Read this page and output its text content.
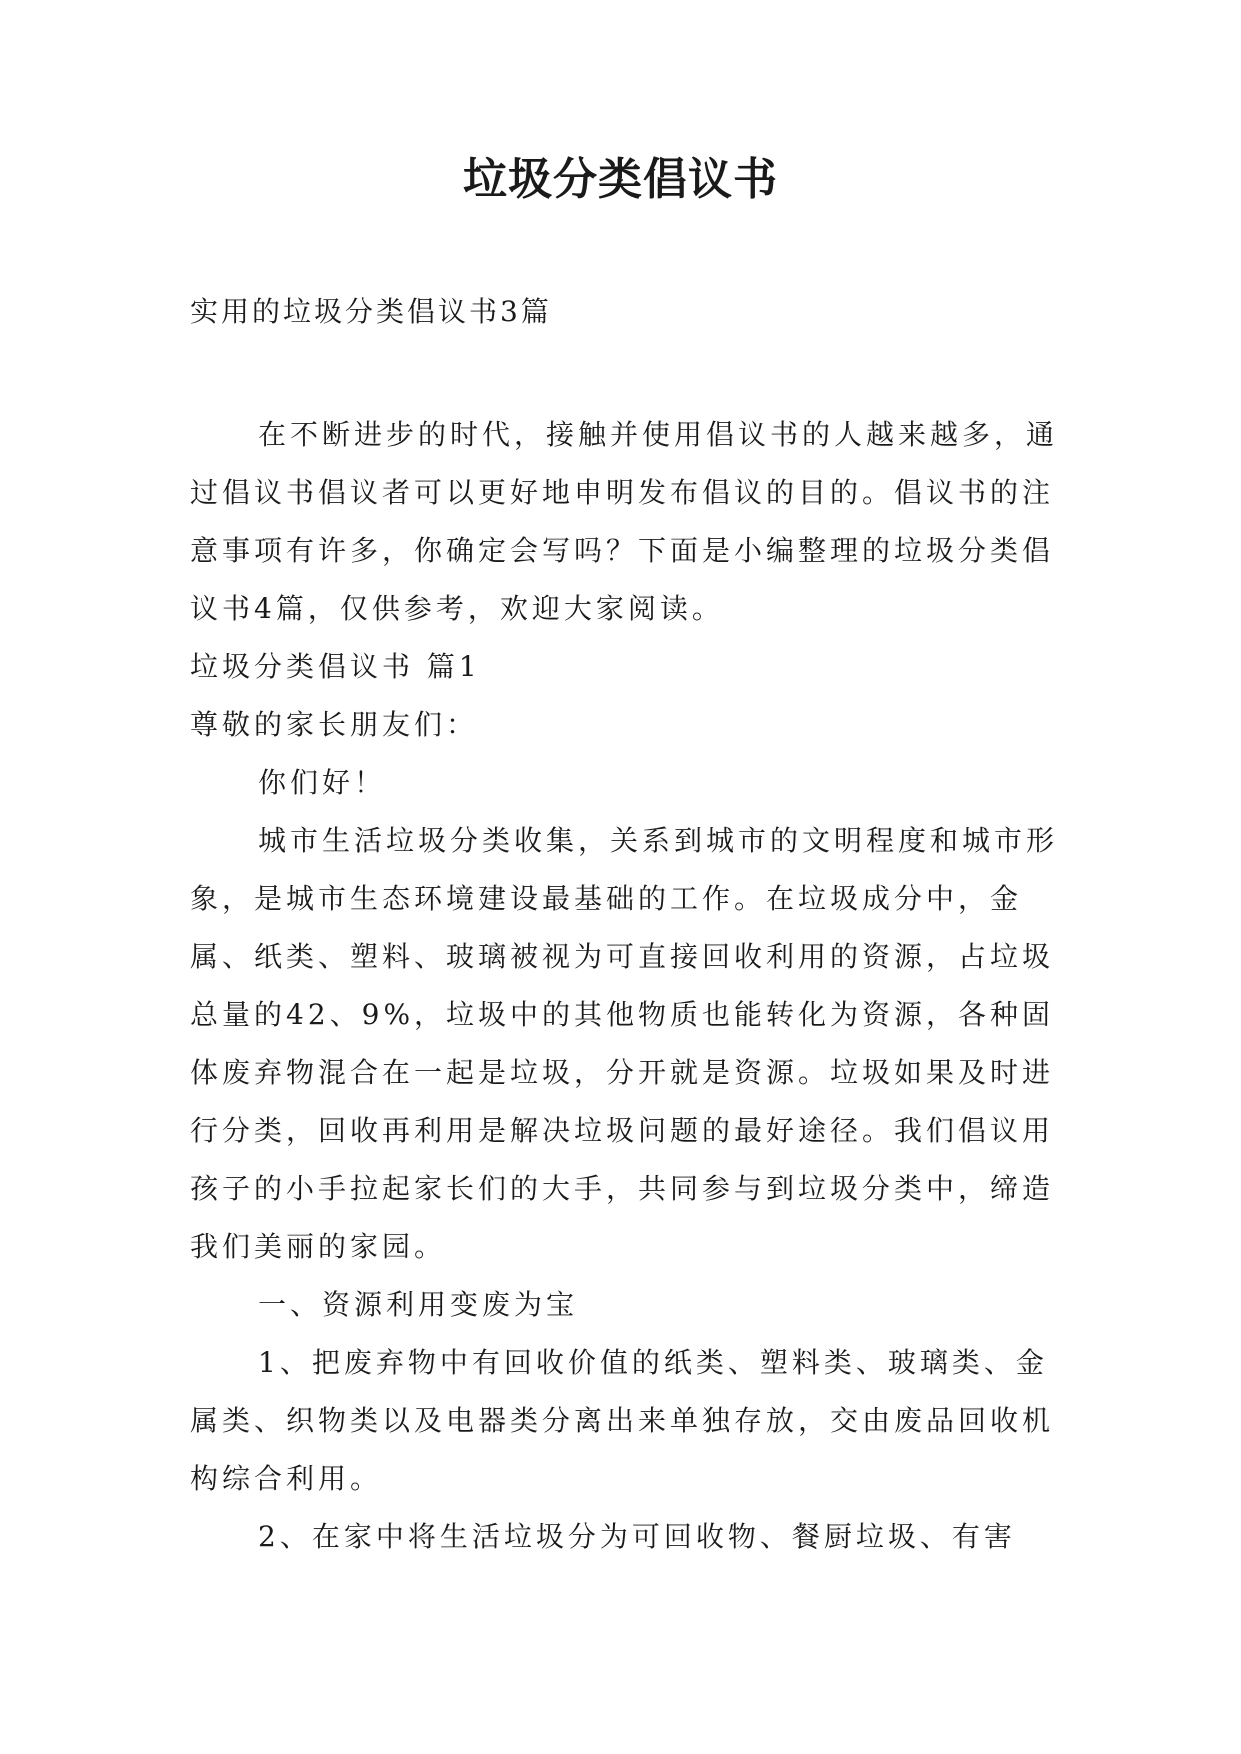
垃圾分类倡议书
实用的垃圾分类倡议书3篇

在不断进步的时代，接触并使用倡议书的人越来越多，通过倡议书倡议者可以更好地申明发布倡议的目的。倡议书的注意事项有许多，你确定会写吗？下面是小编整理的垃圾分类倡议书4篇，仅供参考，欢迎大家阅读。

垃圾分类倡议书 篇1

尊敬的家长朋友们：

你们好！

城市生活垃圾分类收集，关系到城市的文明程度和城市形象，是城市生态环境建设最基础的工作。在垃圾成分中，金属、纸类、塑料、玻璃被视为可直接回收利用的资源，占垃圾总量的42、9%，垃圾中的其他物质也能转化为资源，各种固体废弃物混合在一起是垃圾，分开就是资源。垃圾如果及时进行分类，回收再利用是解决垃圾问题的最好途径。我们倡议用孩子的小手拉起家长们的大手，共同参与到垃圾分类中，缔造我们美丽的家园。

一、资源利用变废为宝

1、把废弃物中有回收价值的纸类、塑料类、玻璃类、金属类、织物类以及电器类分离出来单独存放，交由废品回收机构综合利用。

2、在家中将生活垃圾分为可回收物、餐厨垃圾、有害
